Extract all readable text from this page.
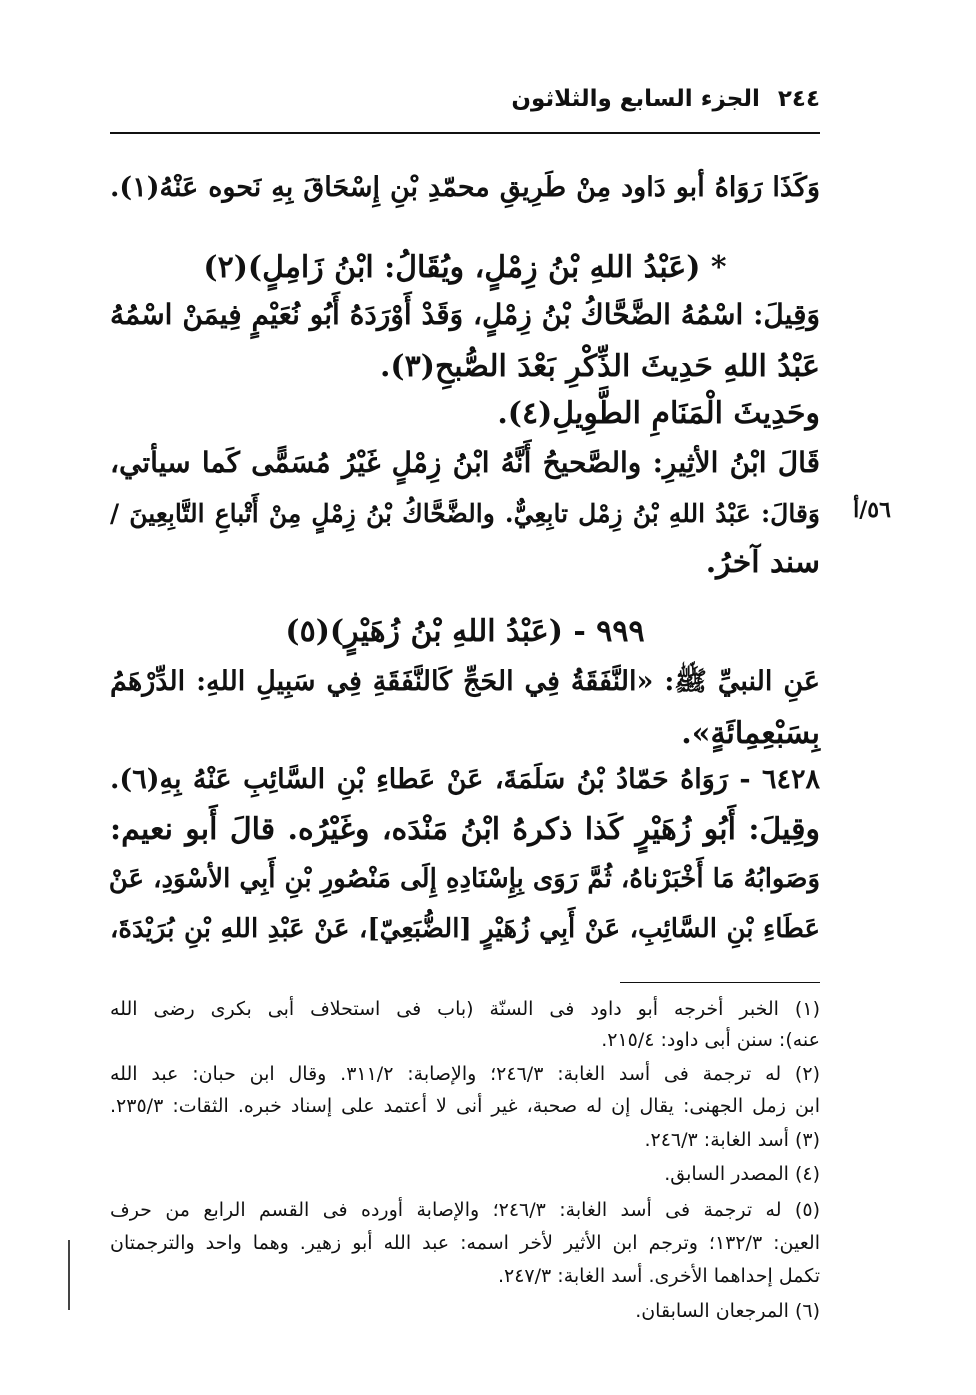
٢٤٤
الجزء السابع والثلاثون
وَكَذَا رَوَاهُ أبو دَاود مِنْ طَرِيقِ محمّدِ بْنِ إِسْحَاقَ بِهِ نَحوه عَنْهُ(١).
* (عَبْدُ اللهِ بْنُ زِمْلٍ، ويُقَالُ: ابْنُ زَامِلٍ)(٢)
وَقِيلَ: اسْمُهُ الضَّحَّاكُ بْنُ زِمْلٍ، وَقَدْ أَوْرَدَهُ أَبُو نُعَيْمٍ فِيمَنْ اسْمُهُ
عَبْدُ اللهِ حَدِيثَ الذِّكْرِ بَعْدَ الصُّبحِ(٣).
وحَدِيثَ الْمَنَامِ الطَّوِيلِ(٤).
قَالَ ابْنُ الأثِيرِ: والصَّحيحُ أَنَّهُ ابْنُ زِمْلٍ غَيْرُ مُسَمًّى كَما سيأتي،
وَقالَ: عَبْدُ اللهِ بْنُ زِمْل تابِعِيٌّ. والضَّحَّاكُ بْنُ زِمْلٍ مِنْ أَتْباعِ التَّابِعِينَ /	٥٦/أ
سند آخرُ.
٩٩٩ - (عَبْدُ اللهِ بْنُ زُهَيْرٍ)(٥)
عَنِ النبيِّ ﷺ: «النَّفَقَةُ فِي الحَجِّ كَالنَّفَقَةِ فِي سَبِيلِ اللهِ: الدِّرْهَمُ
بِسَبْعِمِائَةٍ».
٦٤٢٨ - رَوَاهُ حَمّادُ بْنُ سَلَمَةَ، عَنْ عَطاءِ بْنِ السَّائِبِ عَنْهُ بِهِ(٦).
وقِيلَ: أَبُو زُهَيْرٍ كَذا ذكرهُ ابْنُ مَنْدَه، وغَيْرُه. قالَ أَبو نعيم:
وَصَوابُهُ مَا أَخْبَرْناهُ، ثُمَّ رَوَى بِإِسْنَادِهِ إِلَى مَنْصُورِ بْنِ أَبِي الأسْوَدِ، عَنْ
عَطَاءِ بْنِ السَّائِبِ، عَنْ أَبِي زُهَيْرٍ [الضُّبَعِيّ]، عَنْ عَبْدِ اللهِ بْنِ بُرَيْدَةَ،
(١) الخبر أخرجه أبو داود فى السنّة (باب فى استحلاف أبى بكرى رضى الله
عنه): سنن أبى داود: ٢١٥/٤.
(٢) له ترجمة فى أسد الغابة: ٢٤٦/٣؛ والإصابة: ٣١١/٢. وقال ابن حبان: عبد الله
ابن زمل الجهنى: يقال إن له صحبة، غير أنى لا أعتمد على إسناد خبره. الثقات: ٢٣٥/٣.
(٣) أسد الغابة: ٢٤٦/٣.
(٤) المصدر السابق.
(٥) له ترجمة فى أسد الغابة: ٢٤٦/٣؛ والإصابة أورده فى القسم الرابع من حرف
العين: ١٣٢/٣؛ وترجم ابن الأثير لأخر اسمه: عبد الله أبو زهير. وهما واحد والترجمتان
تكمل إحداهما الأخرى. أسد الغابة: ٢٤٧/٣.
(٦) المرجعان السابقان.
